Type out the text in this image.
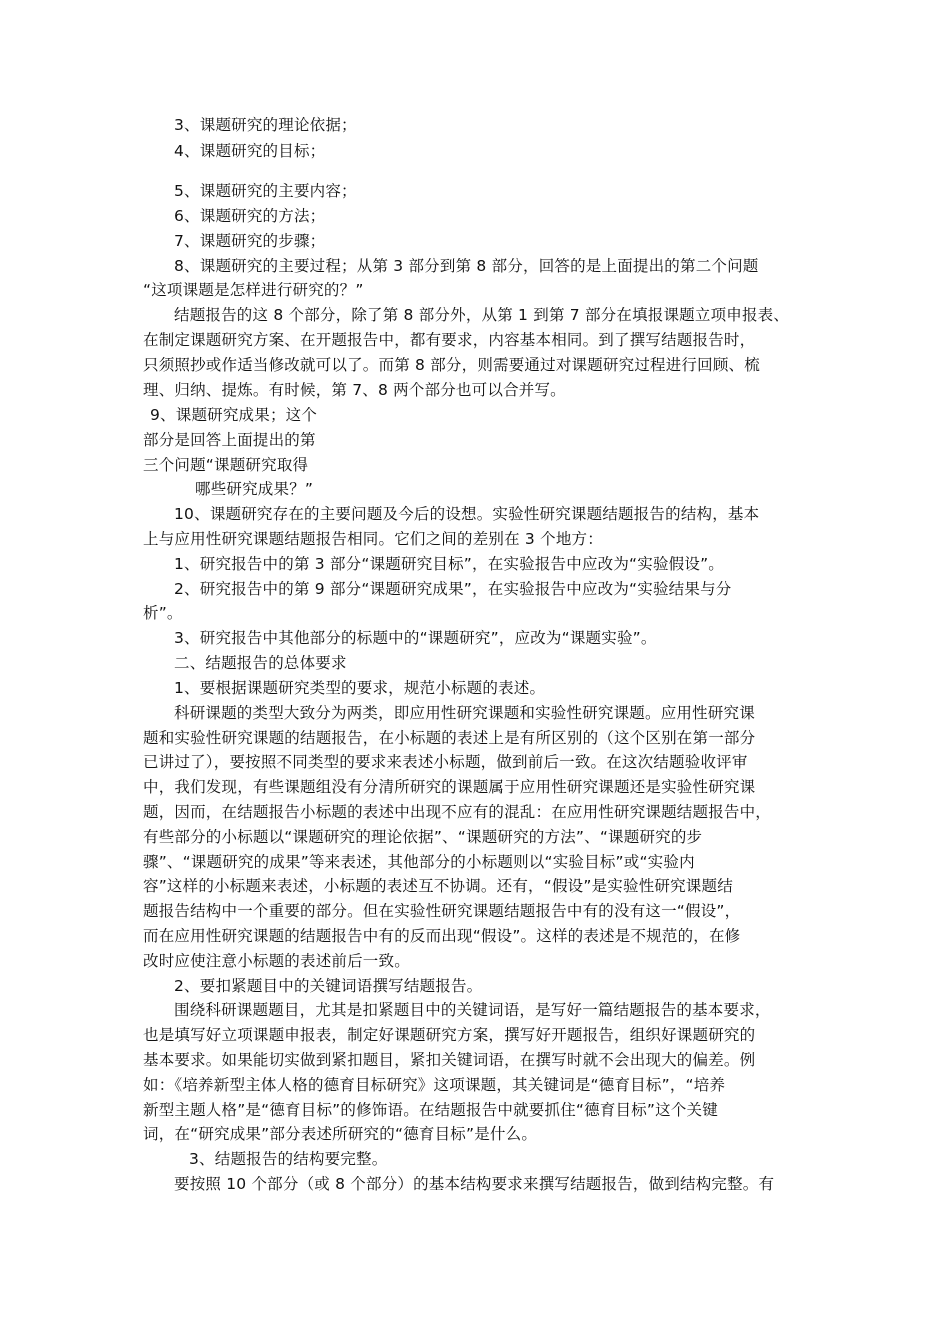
3、课题研究的理论依据；
4、课题研究的目标；
5、课题研究的主要内容；
6、课题研究的方法；
7、课题研究的步骤；
8、课题研究的主要过程；从第 3 部分到第 8 部分，回答的是上面提出的第二个问题
“这项课题是怎样进行研究的？”
结题报告的这 8 个部分，除了第 8 部分外，从第 1 到第 7 部分在填报课题立项申报表、
在制定课题研究方案、在开题报告中，都有要求，内容基本相同。到了撰写结题报告时，
只须照抄或作适当修改就可以了。而第 8 部分，则需要通过对课题研究过程进行回顾、梳
理、归纳、提炼。有时候，第 7、8 两个部分也可以合并写。
9、课题研究成果；这个
部分是回答上面提出的第
三个问题“课题研究取得
哪些研究成果？”
10、课题研究存在的主要问题及今后的设想。实验性研究课题结题报告的结构，基本
上与应用性研究课题结题报告相同。它们之间的差别在 3 个地方：
1、研究报告中的第 3 部分“课题研究目标”，在实验报告中应改为“实验假设”。
2、研究报告中的第 9 部分“课题研究成果”，在实验报告中应改为“实验结果与分
析”。
3、研究报告中其他部分的标题中的“课题研究”，应改为“课题实验”。
二、结题报告的总体要求
1、要根据课题研究类型的要求，规范小标题的表述。
科研课题的类型大致分为两类，即应用性研究课题和实验性研究课题。应用性研究课
题和实验性研究课题的结题报告，在小标题的表述上是有所区别的（这个区别在第一部分
已讲过了），要按照不同类型的要求来表述小标题，做到前后一致。在这次结题验收评审
中，我们发现，有些课题组没有分清所研究的课题属于应用性研究课题还是实验性研究课
题，因而，在结题报告小标题的表述中出现不应有的混乱：在应用性研究课题结题报告中，
有些部分的小标题以“课题研究的理论依据”、“课题研究的方法”、“课题研究的步
骤”、“课题研究的成果”等来表述，其他部分的小标题则以“实验目标”或“实验内
容”这样的小标题来表述，小标题的表述互不协调。还有，“假设”是实验性研究课题结
题报告结构中一个重要的部分。但在实验性研究课题结题报告中有的没有这一“假设”，
而在应用性研究课题的结题报告中有的反而出现“假设”。这样的表述是不规范的，在修
改时应使注意小标题的表述前后一致。
2、要扣紧题目中的关键词语撰写结题报告。
围绕科研课题题目，尤其是扣紧题目中的关键词语，是写好一篇结题报告的基本要求，
也是填写好立项课题申报表，制定好课题研究方案，撰写好开题报告，组织好课题研究的
基本要求。如果能切实做到紧扣题目，紧扣关键词语，在撰写时就不会出现大的偏差。例
如：《培养新型主体人格的德育目标研究》这项课题，其关键词是“德育目标”，“培养
新型主题人格”是“德育目标”的修饰语。在结题报告中就要抓住“德育目标”这个关键
词，在“研究成果”部分表述所研究的“德育目标”是什么。
3、结题报告的结构要完整。
要按照 10 个部分（或 8 个部分）的基本结构要求来撰写结题报告，做到结构完整。有
